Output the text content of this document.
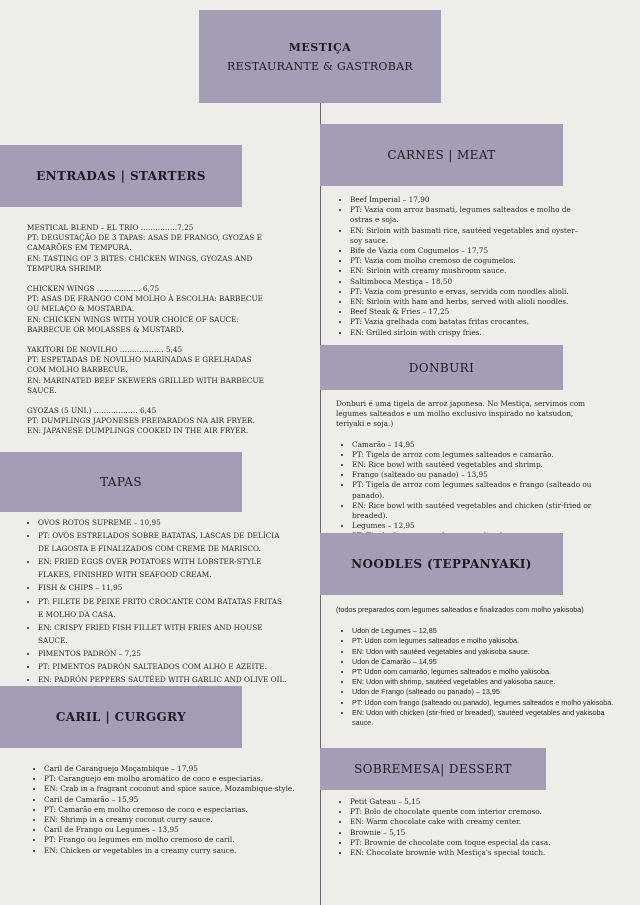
MESTIÇA
RESTAURANTE & GASTROBAR
ENTRADAS | STARTERS

MESTICAL BLEND – EL TRIO ……………7,25

PT: DEGUSTAÇÃO DE 3 TAPAS: ASAS DE FRANGO, GYOZAS E CAMARÕES EM TEMPURA.

EN: TASTING OF 3 BITES: CHICKEN WINGS, GYOZAS AND TEMPURA SHRIMP.

CHICKEN WINGS ……………… 6,75

PT: ASAS DE FRANGO COM MOLHO À ESCOLHA: BARBECUE OU MELAÇO & MOSTARDA.

EN: CHICKEN WINGS WITH YOUR CHOICE OF SAUCE: BARBECUE OR MOLASSES & MUSTARD.

YAKITORI DE NOVILHO ……………… 5,45

PT: ESPETADAS DE NOVILHO MARINADAS E GRELHADAS COM MOLHO BARBECUE.

EN: MARINATED BEEF SKEWERS GRILLED WITH BARBECUE SAUCE.

GYOZAS (5 UNI.) ……………… 6,45

PT: DUMPLINGS JAPONESES PREPARADOS NA AIR FRYER.

EN: JAPANESE DUMPLINGS COOKED IN THE AIR FRYER.

TAPAS
• OVOS ROTOS SUPREME – 10,95
• PT: OVOS ESTRELADOS SOBRE BATATAS, LASCAS DE DELÍCIA DE LAGOSTA E FINALIZADOS COM CREME DE MARISCO.
• EN: FRIED EGGS OVER POTATOES WITH LOBSTER-STYLE FLAKES, FINISHED WITH SEAFOOD CREAM.
• FISH & CHIPS – 11,95
• PT: FILETE DE PEIXE FRITO CROCANTE COM BATATAS FRITAS E MOLHO DA CASA.
• EN: CRISPY FRIED FISH FILLET WITH FRIES AND HOUSE SAUCE.
• PIMENTOS PADRÓN – 7,25
• PT: PIMENTOS PADRÓN SALTEADOS COM ALHO E AZEITE.
• EN: PADRÓN PEPPERS SAUTÉED WITH GARLIC AND OLIVE OIL.
CARIL | CURGGRY
• Caril de Caranguejo Moçambique – 17,95
• PT: Caranguejo em molho aromático de coco e especiarias.
• EN: Crab in a fragrant coconut and spice sauce, Mozambique-style.
• Caril de Camarão – 15,95
• PT: Camarão em molho cremoso de coco e especiarias.
• EN: Shrimp in a creamy coconut curry sauce.
• Caril de Frango ou Legumes – 13,95
• PT: Frango ou legumes em molho cremoso de caril.
• EN: Chicken or vegetables in a creamy curry sauce.
CARNES | MEAT
• Beef Imperial – 17,90
• PT: Vazia com arroz basmati, legumes salteados e molho de ostras e soja.
• EN: Sirloin with basmati rice, sautéed vegetables and oyster–soy sauce.
• Bife de Vazia com Cogumelos – 17,75
• PT: Vazia com molho cremoso de cogumelos.
• EN: Sirloin with creamy mushroom sauce.
• Saltimboca Mestiça – 18,50
• PT: Vazia com presunto e ervas, servida com noodles alioli.
• EN: Sirloin with ham and herbs, served with alioli noodles.
• Beef Steak & Fries – 17,25
• PT: Vazia grelhada com batatas fritas crocantes.
• EN: Grilled sirloin with crispy fries.
DONBURI

Donburi é uma tigela de arroz japonesa. No Mestiça, servimos com legumes salteados e um molho exclusivo inspirado no katsudon, teriyaki e soja.)

• Camarão – 14,95
• PT: Tigela de arroz com legumes salteados e camarão.
• EN: Rice bowl with sautéed vegetables and shrimp.
• Frango (salteado ou panado) – 13,95
• PT: Tigela de arroz com legumes salteados e frango (salteado ou panado).
• EN: Rice bowl with sautéed vegetables and chicken (stir-fried or breaded).
• Legumes – 12,95
•
•
NOODLES (TEPPANYAKI)

(todos preparados com legumes salteados e finalizados com molho yakisoba)

• Udon de Legumes – 12,85
• PT: Udon com legumes salteados e molho yakisoba.
• EN: Udon with sautéed vegetables and yakisoba sauce.
• Udon de Camarão – 14,95
• PT: Udon com camarão, legumes salteados e molho yakisoba.
• EN: Udon with shrimp, sautéed vegetables and yakisoba sauce.
• Udon de Frango (salteado ou panado) – 13,95
• PT: Udon com frango (salteado ou panado), legumes salteados e molho yakisoba.
• EN: Udon with chicken (stir-fried or breaded), sautéed vegetables and yakisoba sauce.
SOBREMESA| DESSERT
• Petit Gateau – 5,15
• PT: Bolo de chocolate quente com interior cremoso.
• EN: Warm chocolate cake with creamy center.
• Brownie – 5,15
• PT: Brownie de chocolate com toque especial da casa.
• EN: Chocolate brownie with Mestiça's special touch.
